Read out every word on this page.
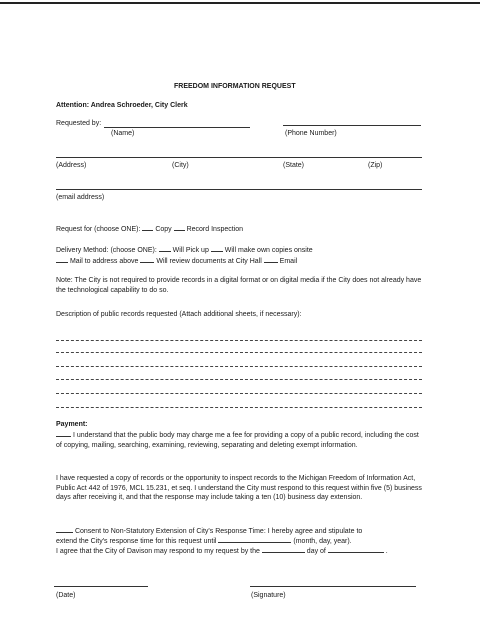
FREEDOM INFORMATION REQUEST
Attention: Andrea Schroeder, City Clerk
Requested by:
(Name)	(Phone Number)
(Address)	(City)	(State)	(Zip)
(email address)
Request for (choose ONE): Copy Record Inspection
Delivery Method: (choose ONE): Will Pick up Will make own copies onsite
Mail to address above	Will review documents at City Hall	Email
Note: The City is not required to provide records in a digital format or on digital media if the City does not already have the technological capability to do so.
Description of public records requested (Attach additional sheets, if necessary):
Payment:
I understand that the public body may charge me a fee for providing a copy of a public record, including the cost of copying, mailing, searching, examining, reviewing, separating and deleting exempt information.
I have requested a copy of records or the opportunity to inspect records to the Michigan Freedom of Information Act, Public Act 442 of 1976, MCL 15.231, et seq. I understand the City must respond to this request within five (5) business days after receiving it, and that the response may include taking a ten (10) business day extension.
Consent to Non-Statutory Extension of City's Response Time: I hereby agree and stipulate to
extend the City's response time for this request until	(month, day, year).
I agree that the City of Davison may respond to my request by the	day of	.
(Date)	(Signature)
